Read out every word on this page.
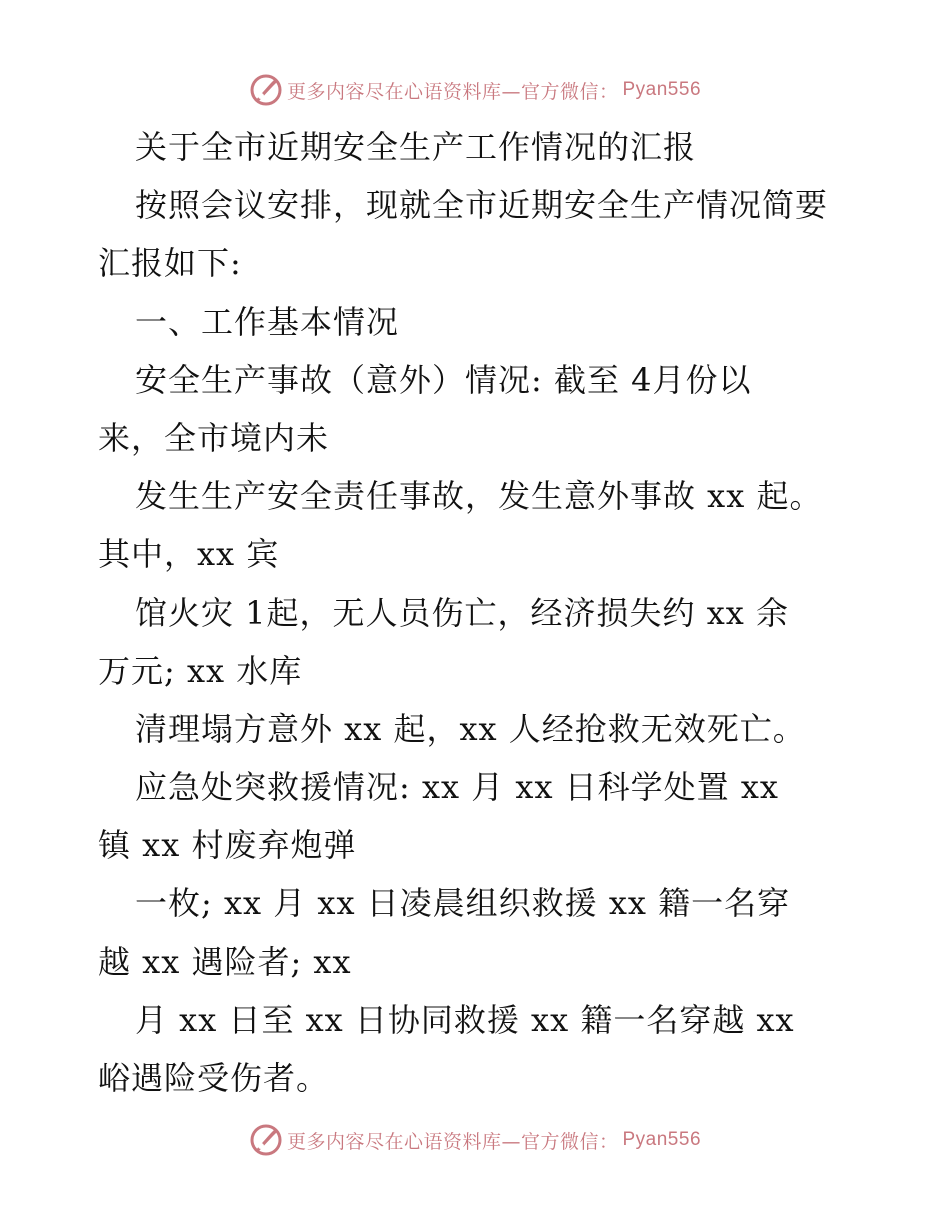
更多内容尽在心语资料库—官方微信： Pyan556
关于全市近期安全生产工作情况的汇报
按照会议安排，现就全市近期安全生产情况简要
汇报如下:
一、工作基本情况
安全生产事故（意外）情况: 截至 4月份以
来，全市境内未
发生生产安全责任事故，发生意外事故 xx 起。
其中，xx 宾
馆火灾 1起，无人员伤亡，经济损失约 xx 余
万元; xx 水库
清理塌方意外 xx 起，xx 人经抢救无效死亡。
应急处突救援情况: xx 月 xx 日科学处置 xx
镇 xx 村废弃炮弹
一枚; xx 月 xx 日凌晨组织救援 xx 籍一名穿
越 xx 遇险者; xx
月 xx 日至 xx 日协同救援 xx 籍一名穿越 xx
峪遇险受伤者。
更多内容尽在心语资料库—官方微信： Pyan556
